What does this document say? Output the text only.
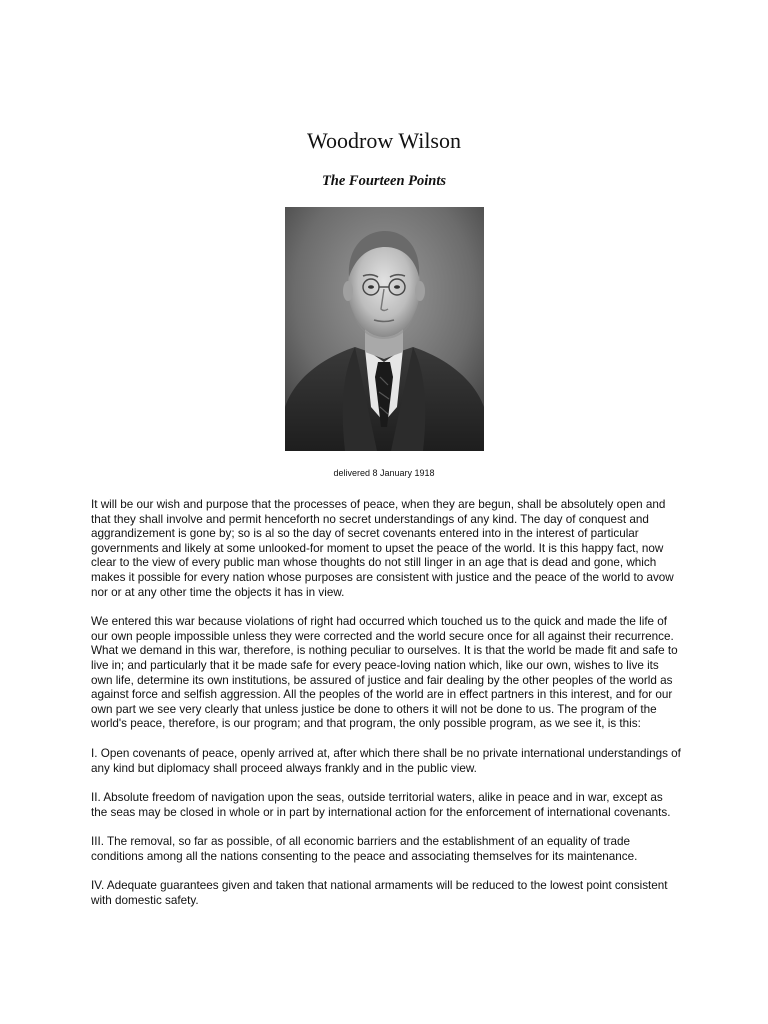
Woodrow Wilson
The Fourteen Points
delivered 8 January 1918

It will be our wish and purpose that the processes of peace, when they are begun, shall be absolutely open and that they shall involve and permit henceforth no secret understandings of any kind. The day of conquest and aggrandizement is gone by; so is al so the day of secret covenants entered into in the interest of particular governments and likely at some unlooked-for moment to upset the peace of the world. It is this happy fact, now clear to the view of every public man whose thoughts do not still linger in an age that is dead and gone, which makes it possible for every nation whose purposes are consistent with justice and the peace of the world to avow nor or at any other time the objects it has in view.

We entered this war because violations of right had occurred which touched us to the quick and made the life of our own people impossible unless they were corrected and the world secure once for all against their recurrence. What we demand in this war, therefore, is nothing peculiar to ourselves. It is that the world be made fit and safe to live in; and particularly that it be made safe for every peace-loving nation which, like our own, wishes to live its own life, determine its own institutions, be assured of justice and fair dealing by the other peoples of the world as against force and selfish aggression. All the peoples of the world are in effect partners in this interest, and for our own part we see very clearly that unless justice be done to others it will not be done to us. The program of the world's peace, therefore, is our program; and that program, the only possible program, as we see it, is this:

I. Open covenants of peace, openly arrived at, after which there shall be no private international understandings of any kind but diplomacy shall proceed always frankly and in the public view.

II. Absolute freedom of navigation upon the seas, outside territorial waters, alike in peace and in war, except as the seas may be closed in whole or in part by international action for the enforcement of international covenants.

III. The removal, so far as possible, of all economic barriers and the establishment of an equality of trade conditions among all the nations consenting to the peace and associating themselves for its maintenance.

IV. Adequate guarantees given and taken that national armaments will be reduced to the lowest point consistent with domestic safety.
